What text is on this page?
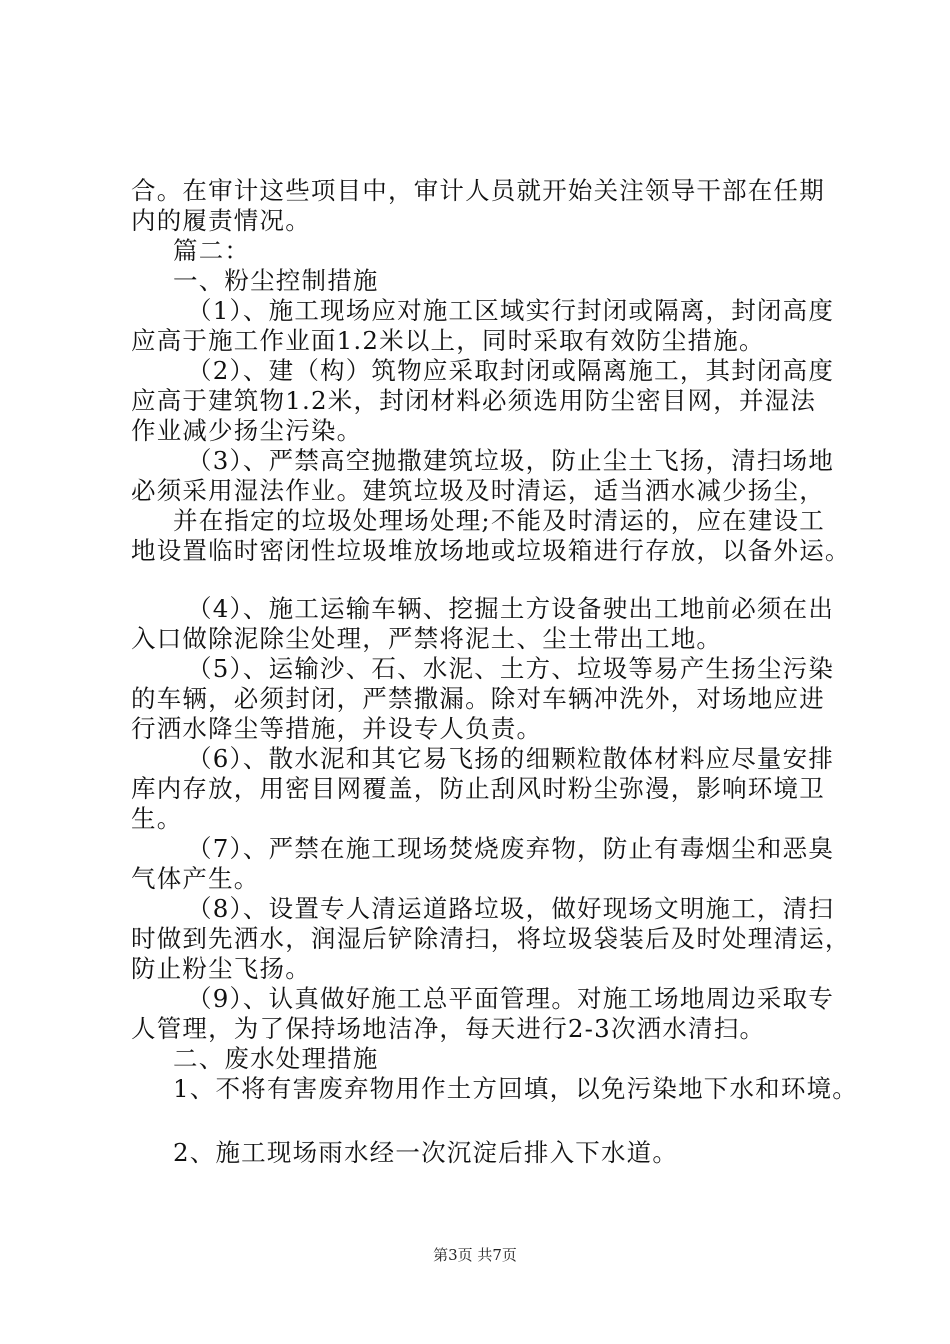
合。在审计这些项目中，审计人员就开始关注领导干部在任期

内的履责情况。

篇二：

一、粉尘控制措施

（1）、施工现场应对施工区域实行封闭或隔离，封闭高度

应高于施工作业面1.2米以上，同时采取有效防尘措施。

（2）、建（构）筑物应采取封闭或隔离施工，其封闭高度

应高于建筑物1.2米，封闭材料必须选用防尘密目网，并湿法

作业减少扬尘污染。

（3）、严禁高空抛撒建筑垃圾，防止尘土飞扬，清扫场地

必须采用湿法作业。建筑垃圾及时清运，适当洒水减少扬尘，

并在指定的垃圾处理场处理;不能及时清运的，应在建设工

地设置临时密闭性垃圾堆放场地或垃圾箱进行存放，以备外运。

（4）、施工运输车辆、挖掘土方设备驶出工地前必须在出

入口做除泥除尘处理，严禁将泥土、尘土带出工地。

（5）、运输沙、石、水泥、土方、垃圾等易产生扬尘污染

的车辆，必须封闭，严禁撒漏。除对车辆冲洗外，对场地应进

行洒水降尘等措施，并设专人负责。

（6）、散水泥和其它易飞扬的细颗粒散体材料应尽量安排

库内存放，用密目网覆盖，防止刮风时粉尘弥漫，影响环境卫

生。

（7）、严禁在施工现场焚烧废弃物，防止有毒烟尘和恶臭

气体产生。

（8）、设置专人清运道路垃圾，做好现场文明施工，清扫

时做到先洒水，润湿后铲除清扫，将垃圾袋装后及时处理清运，

防止粉尘飞扬。

（9）、认真做好施工总平面管理。对施工场地周边采取专

人管理，为了保持场地洁净，每天进行2-3次洒水清扫。

二、废水处理措施

1、不将有害废弃物用作土方回填，以免污染地下水和环境。

2、施工现场雨水经一次沉淀后排入下水道。

第3页 共7页
